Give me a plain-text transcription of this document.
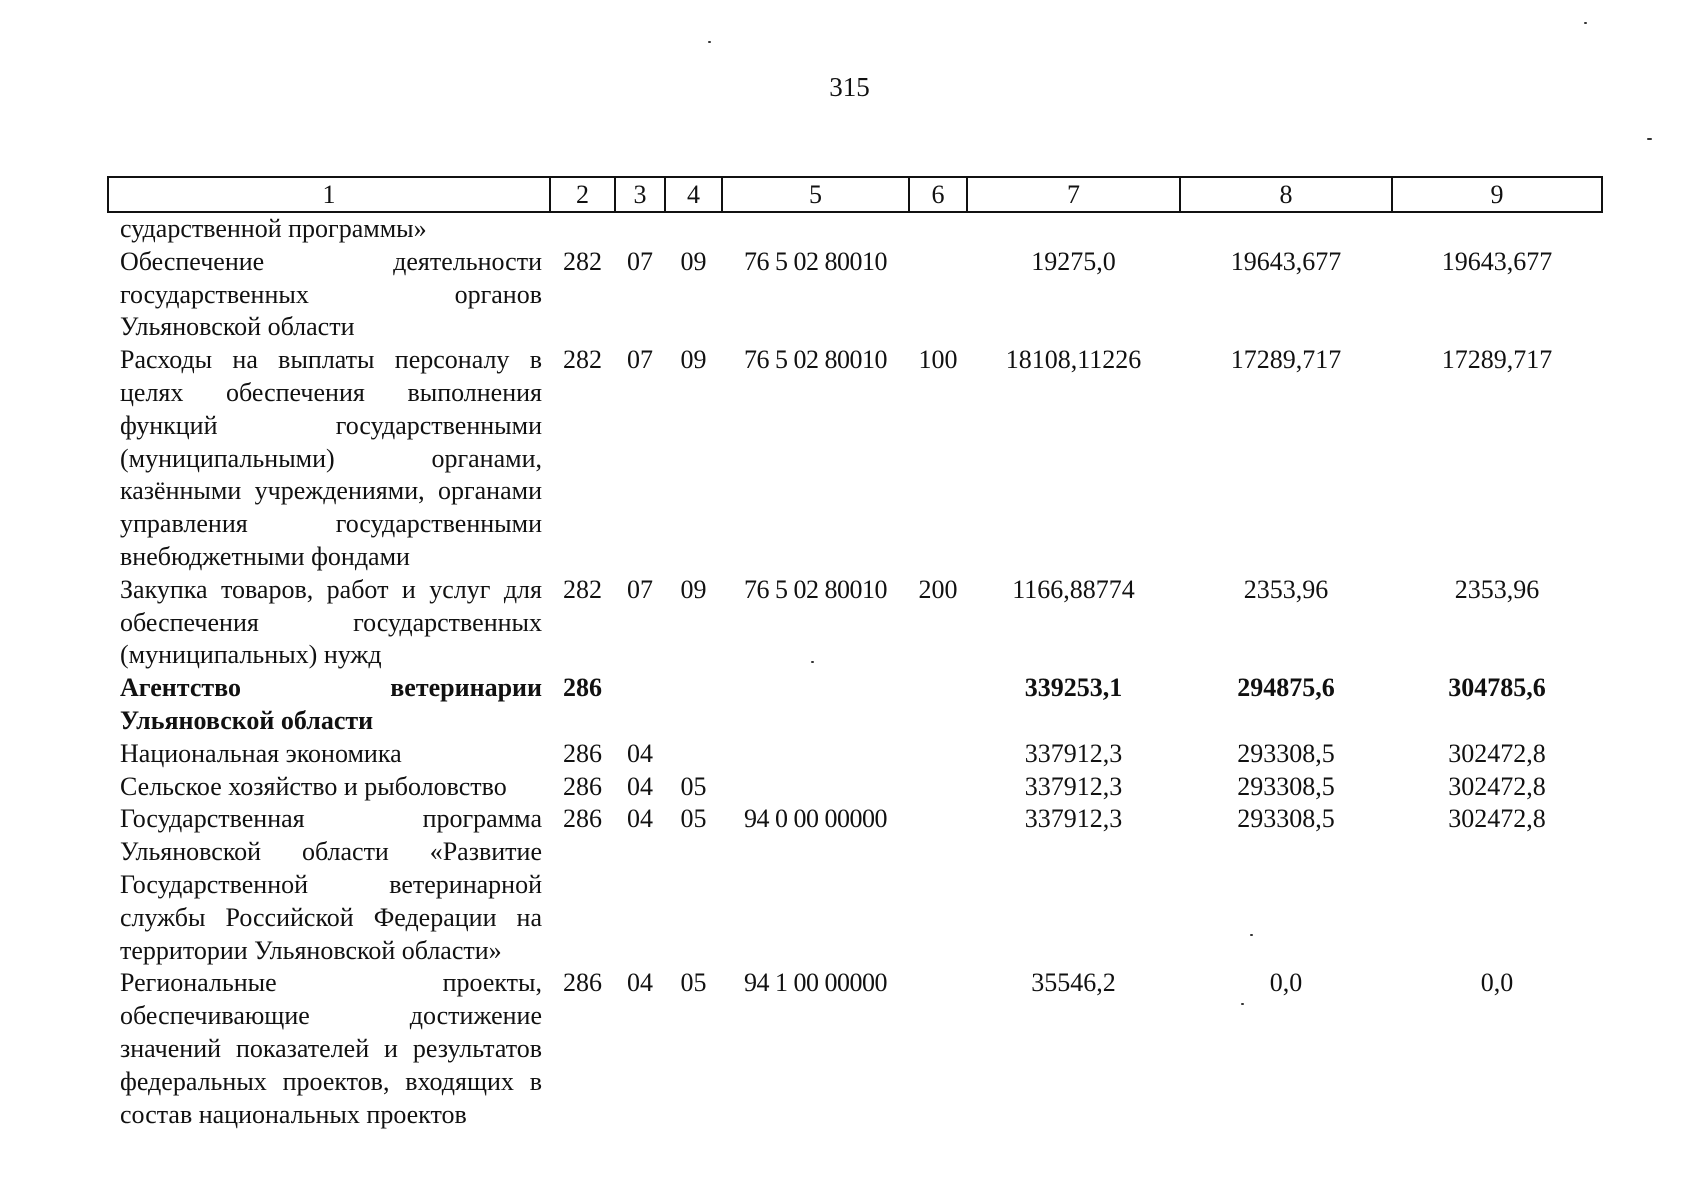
315
1	2	3	4	5	6	7	8	9
сударственной программы»								
Обеспечение деятельности государственных органов Ульяновской области	282	07	09	76 5 02 80010		19275,0	19643,677	19643,677
Расходы на выплаты персоналу в целях обеспечения выполнения функций государственными (муниципальными) органами, казёнными учреждениями, органами управления государственными внебюджетными фондами	282	07	09	76 5 02 80010	100	18108,11226	17289,717	17289,717
Закупка товаров, работ и услуг для обеспечения государственных (муниципальных) нужд	282	07	09	76 5 02 80010	200	1166,88774	2353,96	2353,96
Агентство ветеринарии Ульяновской области	286					339253,1	294875,6	304785,6
Национальная экономика	286	04				337912,3	293308,5	302472,8
Сельское хозяйство и рыболовство	286	04	05			337912,3	293308,5	302472,8
Государственная программа Ульяновской области «Развитие Государственной ветеринарной службы Российской Федерации на территории Ульяновской области»	286	04	05	94 0 00 00000		337912,3	293308,5	302472,8
Региональные проекты, обеспечивающие достижение значений показателей и результатов федеральных проектов, входящих в состав национальных проектов	286	04	05	94 1 00 00000		35546,2	0,0	0,0
